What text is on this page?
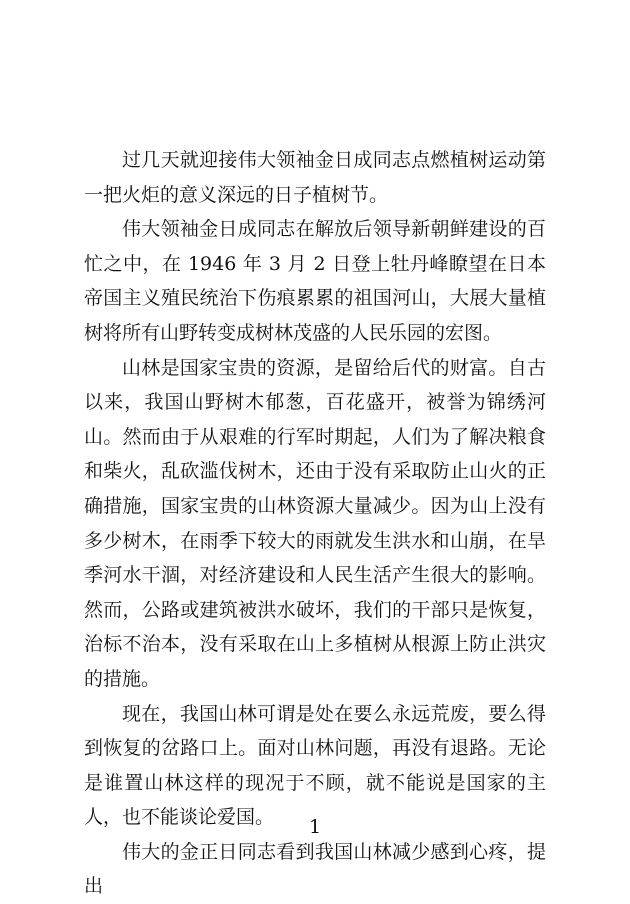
过几天就迎接伟大领袖金日成同志点燃植树运动第一把火炬的意义深远的日子植树节。

伟大领袖金日成同志在解放后领导新朝鲜建设的百忙之中，在 1946 年 3 月 2 日登上牡丹峰瞭望在日本帝国主义殖民统治下伤痕累累的祖国河山，大展大量植树将所有山野转变成树林茂盛的人民乐园的宏图。

山林是国家宝贵的资源，是留给后代的财富。自古以来，我国山野树木郁葱，百花盛开，被誉为锦绣河山。然而由于从艰难的行军时期起，人们为了解决粮食和柴火，乱砍滥伐树木，还由于没有采取防止山火的正确措施，国家宝贵的山林资源大量减少。因为山上没有多少树木，在雨季下较大的雨就发生洪水和山崩，在旱季河水干涸，对经济建设和人民生活产生很大的影响。然而，公路或建筑被洪水破坏，我们的干部只是恢复，治标不治本，没有采取在山上多植树从根源上防止洪灾的措施。

现在，我国山林可谓是处在要么永远荒废，要么得到恢复的岔路口上。面对山林问题，再没有退路。无论是谁置山林这样的现况于不顾，就不能说是国家的主人，也不能谈论爱国。

伟大的金正日同志看到我国山林减少感到心疼，提出

1
